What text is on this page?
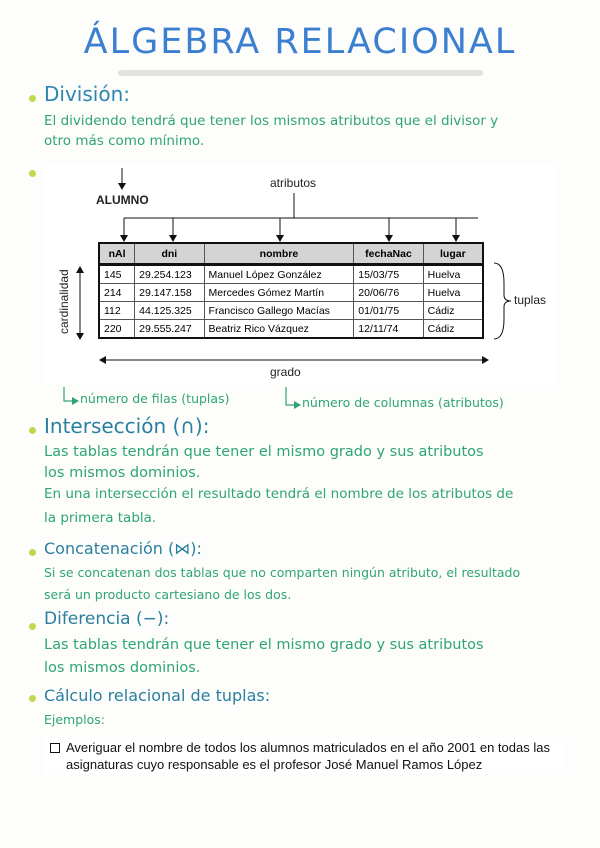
ÁLGEBRA RELACIONAL
División:
El dividendo tendrá que tener los mismos atributos que el divisor y
otro más como mínimo.
atributos
ALUMNO
tuplas
cardinalidad
grado
nAl	dni	nombre	fechaNac	lugar
145	29.254.123	Manuel López González	15/03/75	Huelva
214	29.147.158	Mercedes Gómez Martín	20/06/76	Huelva
112	44.125.325	Francisco Gallego Macías	01/01/75	Cádiz
220	29.555.247	Beatriz Rico Vázquez	12/11/74	Cádiz
número de filas (tuplas)	número de columnas (atributos)
Intersección (∩):
Las tablas tendrán que tener el mismo grado y sus atributos
los mismos dominios.
En una intersección el resultado tendrá el nombre de los atributos de
la primera tabla.
Concatenación (⋈):
Si se concatenan dos tablas que no comparten ningún atributo, el resultado
será un producto cartesiano de los dos.
Diferencia (−):
Las tablas tendrán que tener el mismo grado y sus atributos
los mismos dominios.
Cálculo relacional de tuplas:
Ejemplos:
Averiguar el nombre de todos los alumnos matriculados en el año 2001 en todas las asignaturas cuyo responsable es el profesor José Manuel Ramos López
